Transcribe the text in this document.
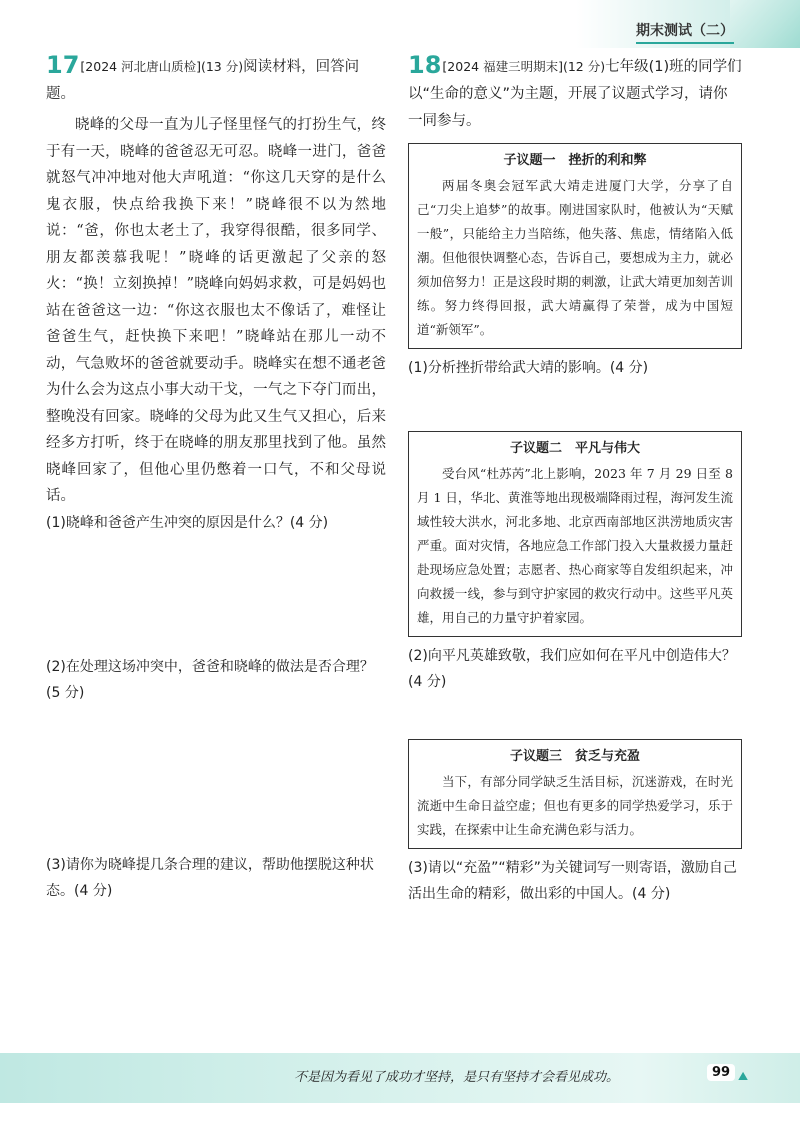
期末测试（二）
17[2024 河北唐山质检](13 分)阅读材料，回答问题。

晓峰的父母一直为儿子怪里怪气的打扮生气，终于有一天，晓峰的爸爸忍无可忍。晓峰一进门，爸爸就怒气冲冲地对他大声吼道：“你这几天穿的是什么鬼衣服，快点给我换下来！”晓峰很不以为然地说：“爸，你也太老土了，我穿得很酷，很多同学、朋友都羡慕我呢！”晓峰的话更激起了父亲的怒火：“换！立刻换掉！”晓峰向妈妈求救，可是妈妈也站在爸爸这一边：“你这衣服也太不像话了，难怪让爸爸生气，赶快换下来吧！”晓峰站在那儿一动不动，气急败坏的爸爸就要动手。晓峰实在想不通老爸为什么会为这点小事大动干戈，一气之下夺门而出，整晚没有回家。晓峰的父母为此又生气又担心，后来经多方打听，终于在晓峰的朋友那里找到了他。虽然晓峰回家了，但他心里仍憋着一口气，不和父母说话。

(1)晓峰和爸爸产生冲突的原因是什么？(4 分)

(2)在处理这场冲突中，爸爸和晓峰的做法是否合理？(5 分)

(3)请你为晓峰提几条合理的建议，帮助他摆脱这种状态。(4 分)

18[2024 福建三明期末](12 分)七年级(1)班的同学们以“生命的意义”为主题，开展了议题式学习，请你一同参与。
子议题一　挫折的利和弊

两届冬奥会冠军武大靖走进厦门大学，分享了自己“刀尖上追梦”的故事。刚进国家队时，他被认为“天赋一般”，只能给主力当陪练，他失落、焦虑，情绪陷入低潮。但他很快调整心态，告诉自己，要想成为主力，就必须加倍努力！正是这段时期的刺激，让武大靖更加刻苦训练。努力终得回报，武大靖赢得了荣誉，成为中国短道“新领军”。

(1)分析挫折带给武大靖的影响。(4 分)

子议题二　平凡与伟大

受台风“杜苏芮”北上影响，2023 年 7 月 29 日至 8 月 1 日，华北、黄淮等地出现极端降雨过程，海河发生流域性较大洪水，河北多地、北京西南部地区洪涝地质灾害严重。面对灾情，各地应急工作部门投入大量救援力量赶赴现场应急处置；志愿者、热心商家等自发组织起来，冲向救援一线，参与到守护家园的救灾行动中。这些平凡英雄，用自己的力量守护着家园。

(2)向平凡英雄致敬，我们应如何在平凡中创造伟大？(4 分)

子议题三　贫乏与充盈

当下，有部分同学缺乏生活目标，沉迷游戏，在时光流逝中生命日益空虚；但也有更多的同学热爱学习，乐于实践，在探索中让生命充满色彩与活力。

(3)请以“充盈”“精彩”为关键词写一则寄语，激励自己活出生命的精彩，做出彩的中国人。(4 分)

不是因为看见了成功才坚持，是只有坚持才会看见成功。	99 ⛰
